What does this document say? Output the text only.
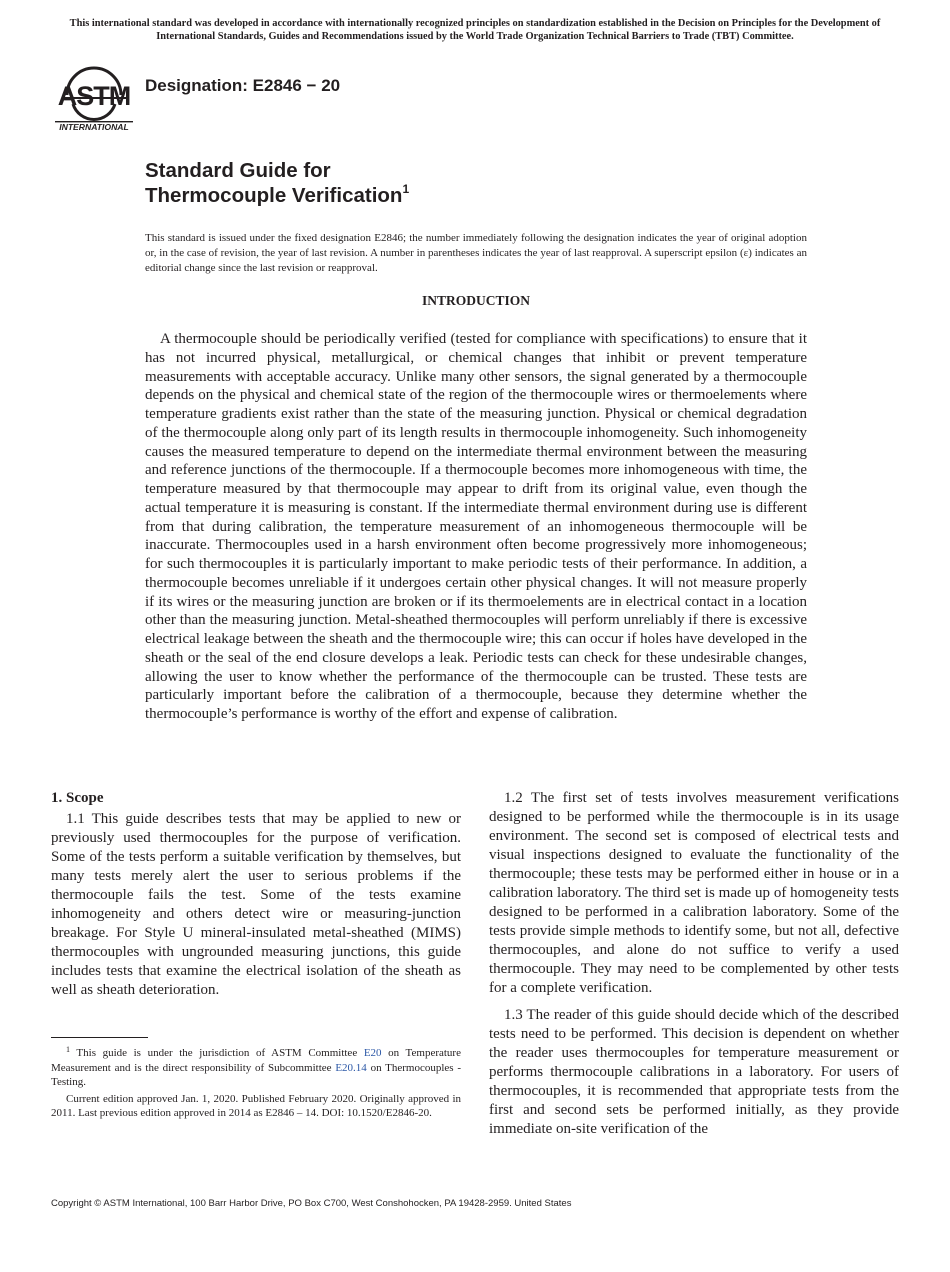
This international standard was developed in accordance with internationally recognized principles on standardization established in the Decision on Principles for the Development of International Standards, Guides and Recommendations issued by the World Trade Organization Technical Barriers to Trade (TBT) Committee.
ASTM
INTERNATIONAL
Designation: E2846 − 20
Standard Guide for
Thermocouple Verification$^1$
This standard is issued under the fixed designation E2846; the number immediately following the designation indicates the year of original adoption or, in the case of revision, the year of last revision. A number in parentheses indicates the year of last reapproval. A superscript epsilon (ε) indicates an editorial change since the last revision or reapproval.
INTRODUCTION
A thermocouple should be periodically verified (tested for compliance with specifications) to ensure that it has not incurred physical, metallurgical, or chemical changes that inhibit or prevent temperature measurements with acceptable accuracy. Unlike many other sensors, the signal generated by a thermocouple depends on the physical and chemical state of the region of the thermocouple wires or thermoelements where temperature gradients exist rather than the state of the measuring junction. Physical or chemical degradation of the thermocouple along only part of its length results in thermocouple inhomogeneity. Such inhomogeneity causes the measured temperature to depend on the intermediate thermal environment between the measuring and reference junctions of the thermocouple. If a thermocouple becomes more inhomogeneous with time, the temperature measured by that thermocouple may appear to drift from its original value, even though the actual temperature it is measuring is constant. If the intermediate thermal environment during use is different from that during calibration, the temperature measurement of an inhomogeneous thermocouple will be inaccurate. Thermocouples used in a harsh environment often become progressively more inhomogeneous; for such thermocouples it is particularly important to make periodic tests of their performance. In addition, a thermocouple becomes unreliable if it undergoes certain other physical changes. It will not measure properly if its wires or the measuring junction are broken or if its thermoelements are in electrical contact in a location other than the measuring junction. Metal-sheathed thermocouples will perform unreliably if there is excessive electrical leakage between the sheath and the thermocouple wire; this can occur if holes have developed in the sheath or the seal of the end closure develops a leak. Periodic tests can check for these undesirable changes, allowing the user to know whether the performance of the thermocouple can be trusted. These tests are particularly important before the calibration of a thermocouple, because they determine whether the thermocouple’s performance is worthy of the effort and expense of calibration.
1. Scope

1.1 This guide describes tests that may be applied to new or previously used thermocouples for the purpose of verification. Some of the tests perform a suitable verification by themselves, but many tests merely alert the user to serious problems if the thermocouple fails the test. Some of the tests examine inhomogeneity and others detect wire or measuring-junction breakage. For Style U mineral-insulated metal-sheathed (MIMS) thermocouples with ungrounded measuring junctions, this guide includes tests that examine the electrical isolation of the sheath as well as sheath deterioration.

1.2 The first set of tests involves measurement verifications designed to be performed while the thermocouple is in its usage environment. The second set is composed of electrical tests and visual inspections designed to evaluate the functionality of the thermocouple; these tests may be performed either in house or in a calibration laboratory. The third set is made up of homogeneity tests designed to be performed in a calibration laboratory. Some of the tests provide simple methods to identify some, but not all, defective thermocouples, and alone do not suffice to verify a used thermocouple. They may need to be complemented by other tests for a complete verification.

1.3 The reader of this guide should decide which of the described tests need to be performed. This decision is dependent on whether the reader uses thermocouples for temperature measurement or performs thermocouple calibrations in a laboratory. For users of thermocouples, it is recommended that appropriate tests from the first and second sets be performed initially, as they provide immediate on-site verification of the

$^1$ This guide is under the jurisdiction of ASTM Committee E20 on Temperature Measurement and is the direct responsibility of Subcommittee E20.14 on Thermocouples - Testing.

Current edition approved Jan. 1, 2020. Published February 2020. Originally approved in 2011. Last previous edition approved in 2014 as E2846 – 14. DOI: 10.1520/E2846-20.

Copyright © ASTM International, 100 Barr Harbor Drive, PO Box C700, West Conshohocken, PA 19428-2959. United States
